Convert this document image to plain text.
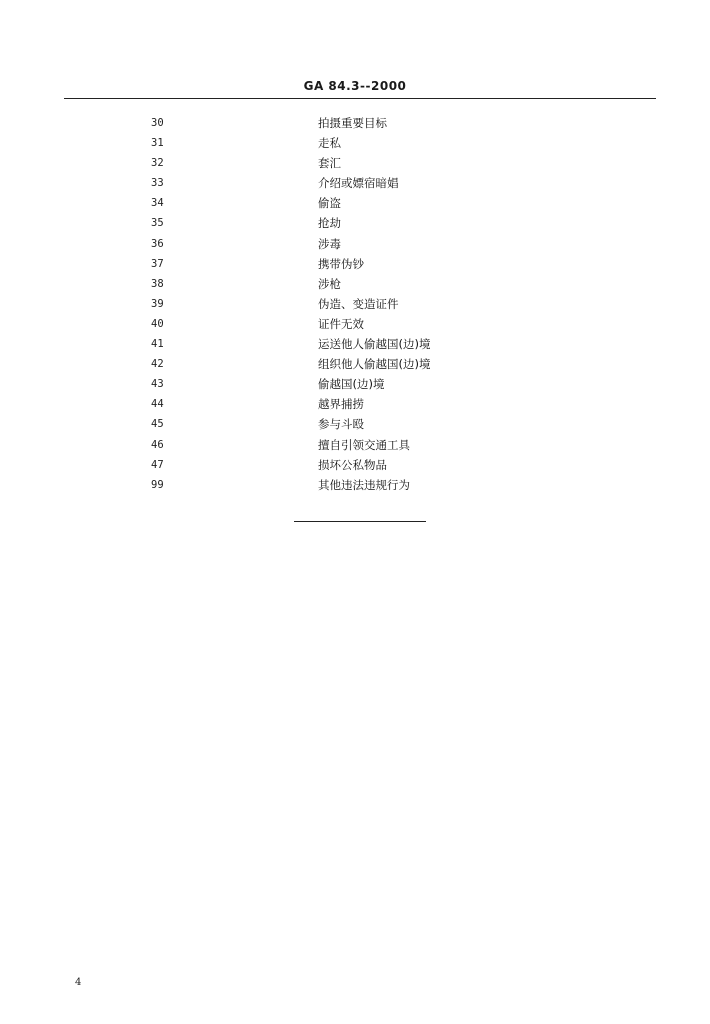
GA 84.3--2000
30	拍摄重要目标
31	走私
32	套汇
33	介绍或嫖宿暗娼
34	偷盗
35	抢劫
36	涉毒
37	携带伪钞
38	涉枪
39	伪造、变造证件
40	证件无效
41	运送他人偷越国(边)境
42	组织他人偷越国(边)境
43	偷越国(边)境
44	越界捕捞
45	参与斗殴
46	擅自引领交通工具
47	损坏公私物品
99	其他违法违规行为
4
